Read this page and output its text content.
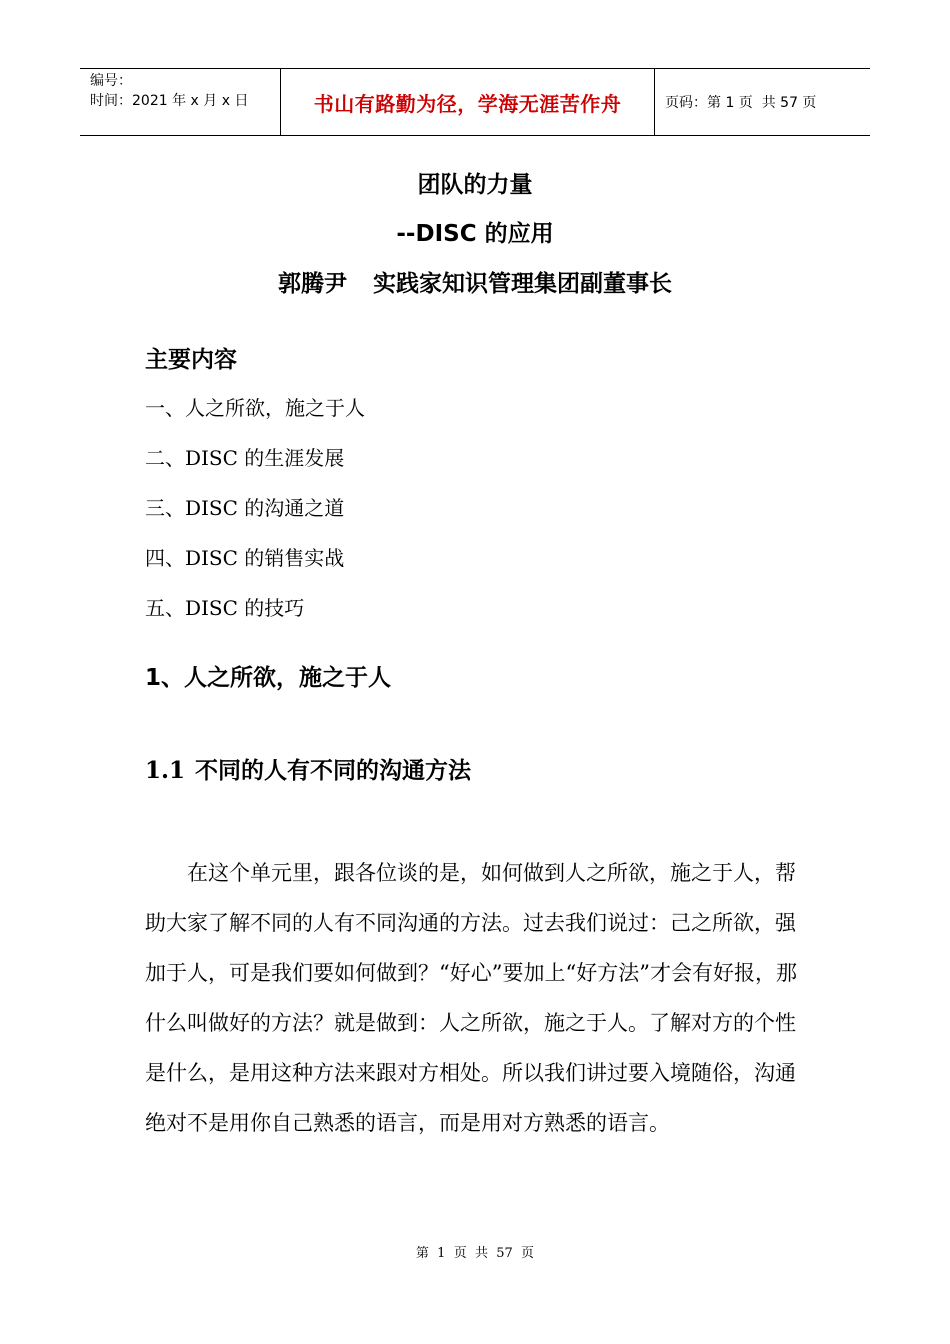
编号：
时间：2021 年 x 月 x 日	书山有路勤为径，学海无涯苦作舟	页码：第 1 页  共 57 页
团队的力量
--DISC 的应用
郭腾尹 实践家知识管理集团副董事长
主要内容
一、人之所欲，施之于人
二、DISC 的生涯发展
三、DISC 的沟通之道
四、DISC 的销售实战
五、DISC 的技巧
1、人之所欲，施之于人
1.1 不同的人有不同的沟通方法

在这个单元里，跟各位谈的是，如何做到人之所欲，施之于人，帮助大家了解不同的人有不同沟通的方法。过去我们说过：己之所欲，强加于人，可是我们要如何做到？“好心”要加上“好方法”才会有好报，那什么叫做好的方法？就是做到：人之所欲，施之于人。了解对方的个性是什么，是用这种方法来跟对方相处。所以我们讲过要入境随俗，沟通绝对不是用你自己熟悉的语言，而是用对方熟悉的语言。

第  1  页  共  57  页
